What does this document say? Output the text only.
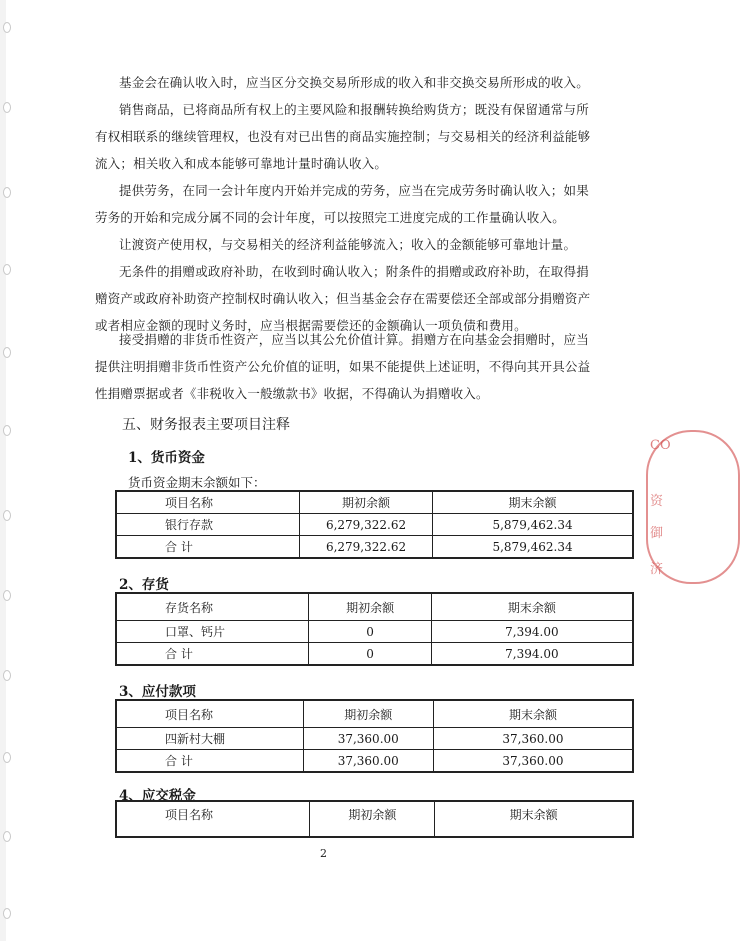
基金会在确认收入时，应当区分交换交易所形成的收入和非交换交易所形成的收入。

销售商品，已将商品所有权上的主要风险和报酬转换给购货方；既没有保留通常与所有权相联系的继续管理权，也没有对已出售的商品实施控制；与交易相关的经济利益能够流入；相关收入和成本能够可靠地计量时确认收入。

提供劳务，在同一会计年度内开始并完成的劳务，应当在完成劳务时确认收入；如果劳务的开始和完成分属不同的会计年度，可以按照完工进度完成的工作量确认收入。

让渡资产使用权，与交易相关的经济利益能够流入；收入的金额能够可靠地计量。

无条件的捐赠或政府补助，在收到时确认收入；附条件的捐赠或政府补助，在取得捐赠资产或政府补助资产控制权时确认收入；但当基金会存在需要偿还全部或部分捐赠资产或者相应金额的现时义务时，应当根据需要偿还的金额确认一项负债和费用。

接受捐赠的非货币性资产，应当以其公允价值计算。捐赠方在向基金会捐赠时，应当提供注明捐赠非货币性资产公允价值的证明，如果不能提供上述证明，不得向其开具公益性捐赠票据或者《非税收入一般缴款书》收据，不得确认为捐赠收入。

五、财务报表主要项目注释
1、货币资金

货币资金期末余额如下：

项目名称	期初余额	期末余额
银行存款	6,279,322.62	5,879,462.34
合 计	6,279,322.62	5,879,462.34
2、存货
存货名称	期初余额	期末余额
口罩、钙片	0	7,394.00
合 计	0	7,394.00
3、应付款项
项目名称	期初余额	期末余额
四新村大棚	37,360.00	37,360.00
合 计	37,360.00	37,360.00
4、应交税金
项目名称	期初余额	期末余额
2
CO
资
御
济
